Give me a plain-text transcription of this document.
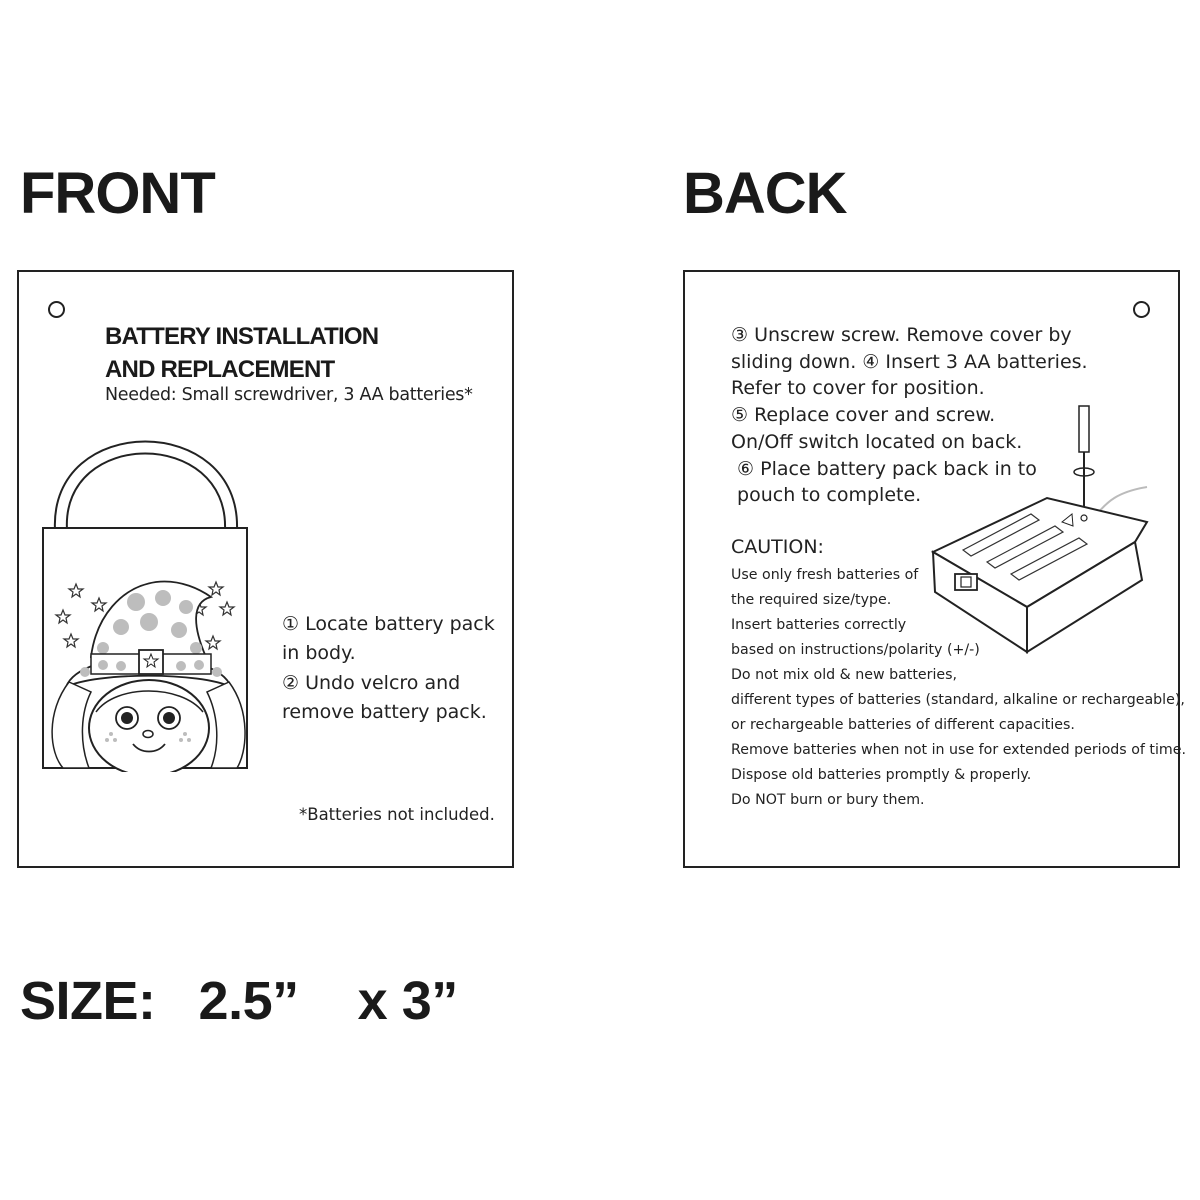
FRONT	BACK
BATTERY INSTALLATION
AND REPLACEMENT
Needed: Small screwdriver, 3 AA batteries*
① Locate battery pack
in body.
② Undo velcro and
remove battery pack.
*Batteries not included.
③ Unscrew screw. Remove cover by
sliding down. ④ Insert 3 AA batteries.
Refer to cover for position.
⑤ Replace cover and screw.
On/Off switch located on back.
⑥ Place battery pack back in to
pouch to complete.
CAUTION:
Use only fresh batteries of
the required size/type.
Insert batteries correctly
based on instructions/polarity (+/-)
Do not mix old & new batteries,
different types of batteries (standard, alkaline or rechargeable),
or rechargeable batteries of different capacities.
Remove batteries when not in use for extended periods of time.
Dispose old batteries promptly & properly.
Do NOT burn or bury them.
SIZE: 2.5” x 3”
